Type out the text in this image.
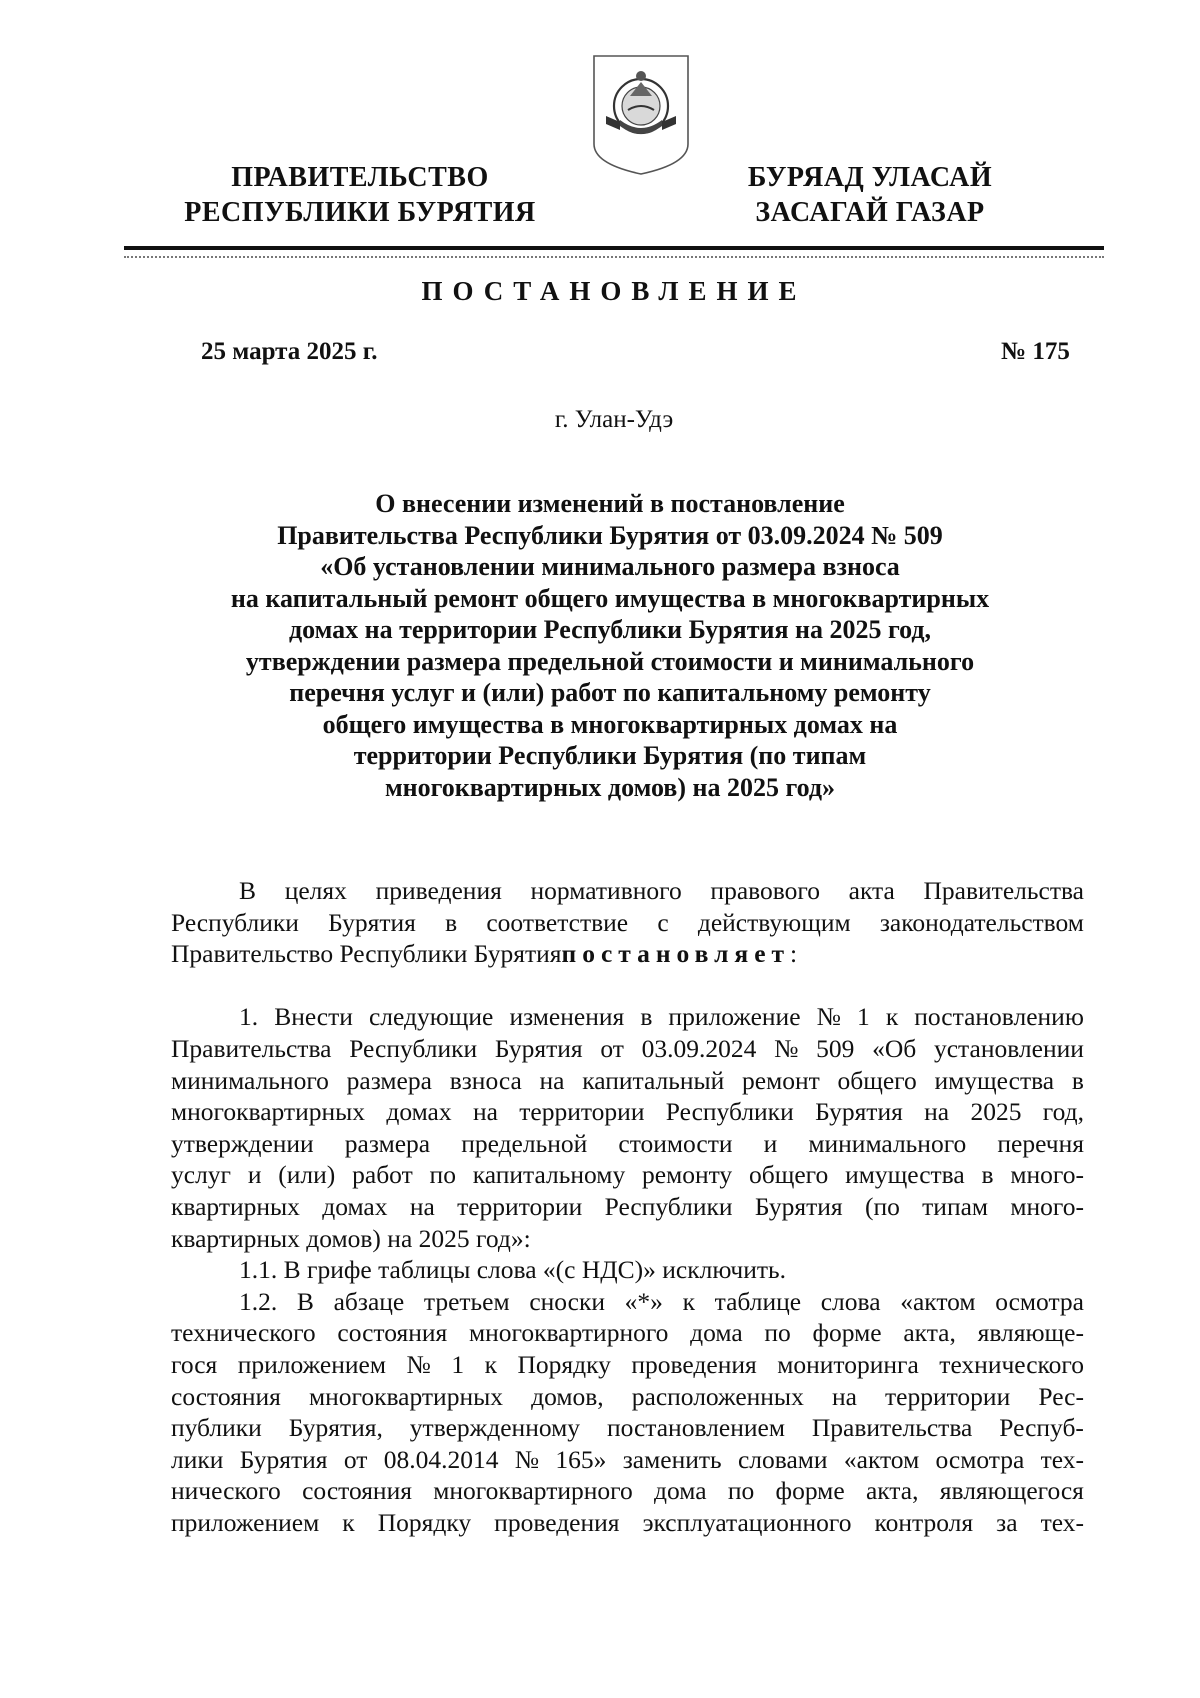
ПРАВИТЕЛЬСТВО
РЕСПУБЛИКИ БУРЯТИЯ
БУРЯАД УЛАСАЙ
ЗАСАГАЙ ГАЗАР
ПОСТАНОВЛЕНИЕ
25 марта 2025 г.	№ 175
г. Улан-Удэ
О внесении изменений в постановление
Правительства Республики Бурятия от 03.09.2024 № 509
«Об установлении минимального размера взноса
на капитальный ремонт общего имущества в многоквартирных
домах на территории Республики Бурятия на 2025 год,
утверждении размера предельной стоимости и минимального
перечня услуг и (или) работ по капитальному ремонту
общего имущества в многоквартирных домах на
территории Республики Бурятия (по типам
многоквартирных домов) на 2025 год»
В целях приведения нормативного правового акта Правительства
Республики Бурятия в соответствие с действующим законодательством
Правительство Республики Бурятияпостановляет:
1. Внести следующие изменения в приложение № 1 к постановлению
Правительства Республики Бурятия от 03.09.2024 № 509 «Об установлении
минимального размера взноса на капитальный ремонт общего имущества в
многоквартирных домах на территории Республики Бурятия на 2025 год,
утверждении размера предельной стоимости и минимального перечня
услуг и (или) работ по капитальному ремонту общего имущества в много-
квартирных домах на территории Республики Бурятия (по типам много-
квартирных домов) на 2025 год»:
1.1. В грифе таблицы слова «(с НДС)» исключить.
1.2. В абзаце третьем сноски «*» к таблице слова «актом осмотра
технического состояния многоквартирного дома по форме акта, являюще-
гося приложением № 1 к Порядку проведения мониторинга технического
состояния многоквартирных домов, расположенных на территории Рес-
публики Бурятия, утвержденному постановлением Правительства Респуб-
лики Бурятия от 08.04.2014 № 165» заменить словами «актом осмотра тех-
нического состояния многоквартирного дома по форме акта, являющегося
приложением к Порядку проведения эксплуатационного контроля за тех-
